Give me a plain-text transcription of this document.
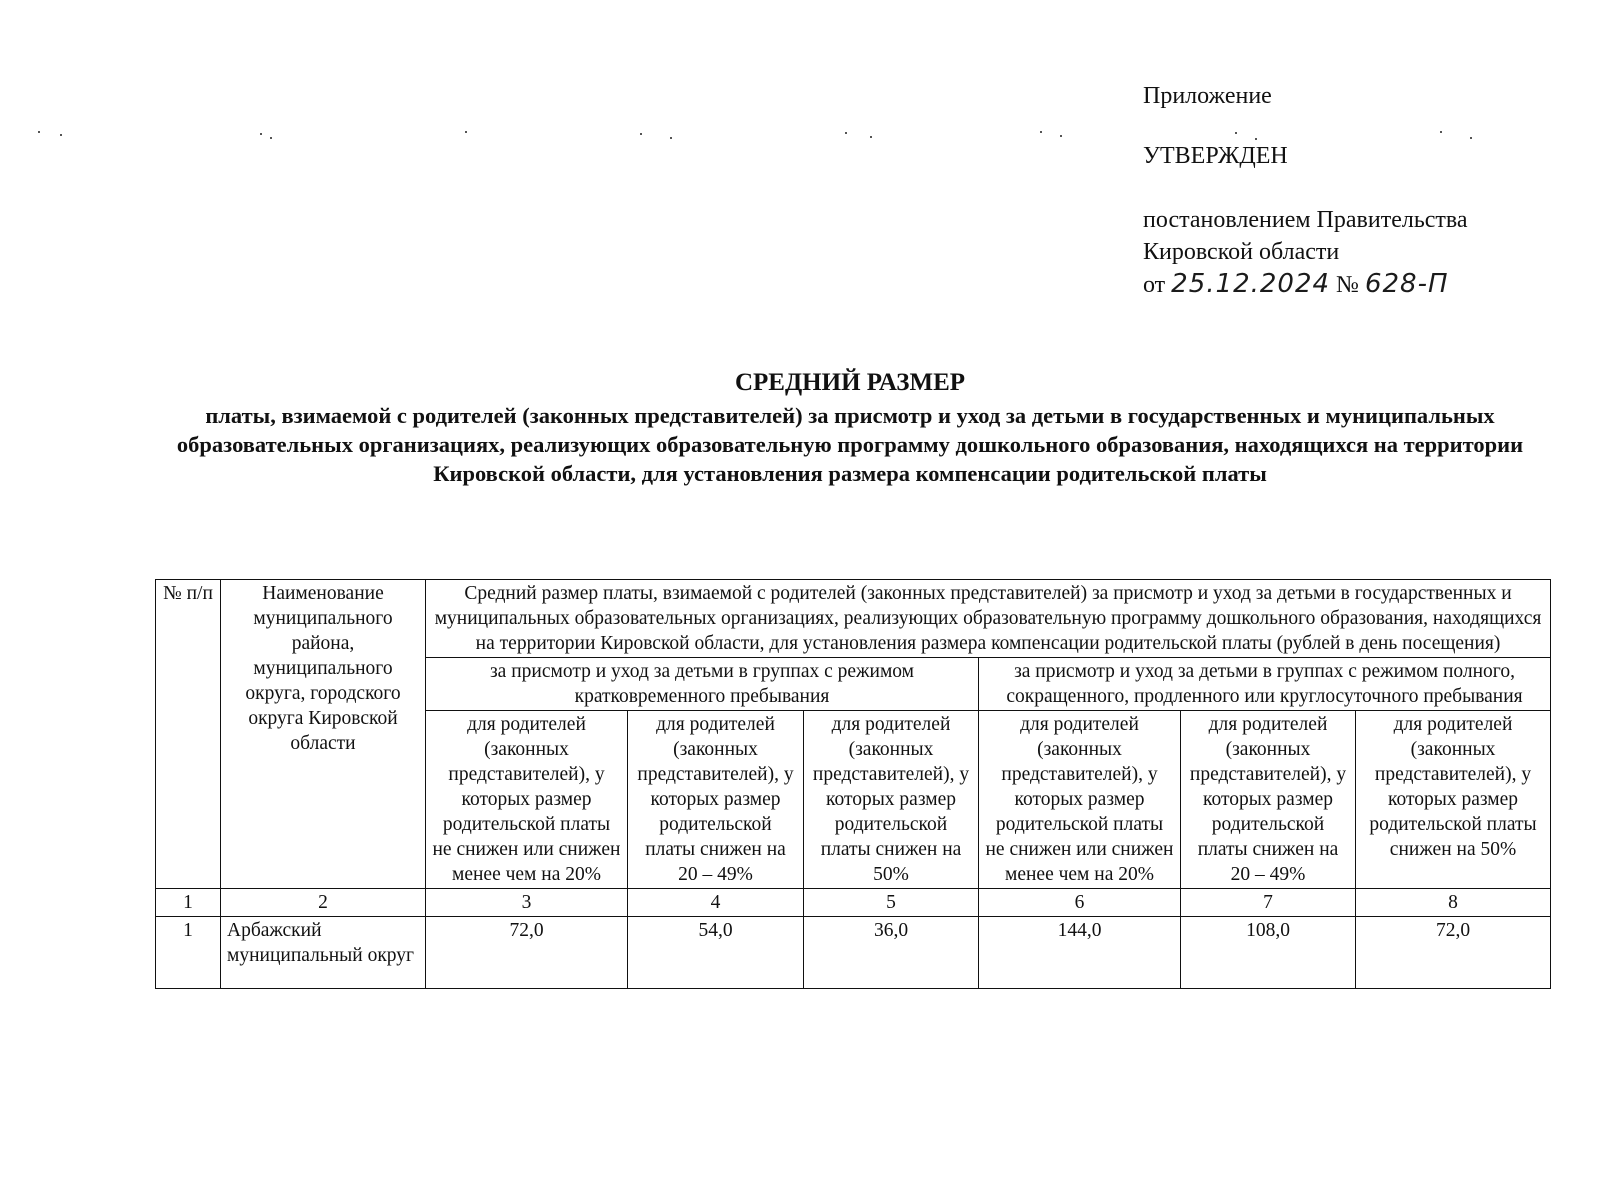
Приложение
УТВЕРЖДЕН
постановлением Правительства
Кировской области
от 25.12.2024 № 628-П
СРЕДНИЙ РАЗМЕР
платы, взимаемой с родителей (законных представителей) за присмотр и уход за детьми в государственных и муниципальных образовательных организациях, реализующих образовательную программу дошкольного образования, находящихся на территории Кировской области, для установления размера компенсации родительской платы
№ п/п	Наименование муниципального района, муниципального округа, городского округа Кировской области	Средний размер платы, взимаемой с родителей (законных представителей) за присмотр и уход за детьми в государственных и муниципальных образовательных организациях, реализующих образовательную программу дошкольного образования, находящихся на территории Кировской области, для установления размера компенсации родительской платы (рублей в день посещения)					
		за присмотр и уход за детьми в группах с режимом кратковременного пребывания			за присмотр и уход за детьми в группах с режимом полного, сокращенного, продленного или круглосуточного пребывания		
		для родителей (законных представителей), у которых размер родительской платы не снижен или снижен менее чем на 20%	для родителей (законных представителей), у которых размер родительской платы снижен на 20 – 49%	для родителей (законных представителей), у которых размер родительской платы снижен на 50%	для родителей (законных представителей), у которых размер родительской платы не снижен или снижен менее чем на 20%	для родителей (законных представителей), у которых размер родительской платы снижен на 20 – 49%	для родителей (законных представителей), у которых размер родительской платы снижен на 50%
1	2	3	4	5	6	7	8
1	Арбажский муниципальный округ	72,0	54,0	36,0	144,0	108,0	72,0
